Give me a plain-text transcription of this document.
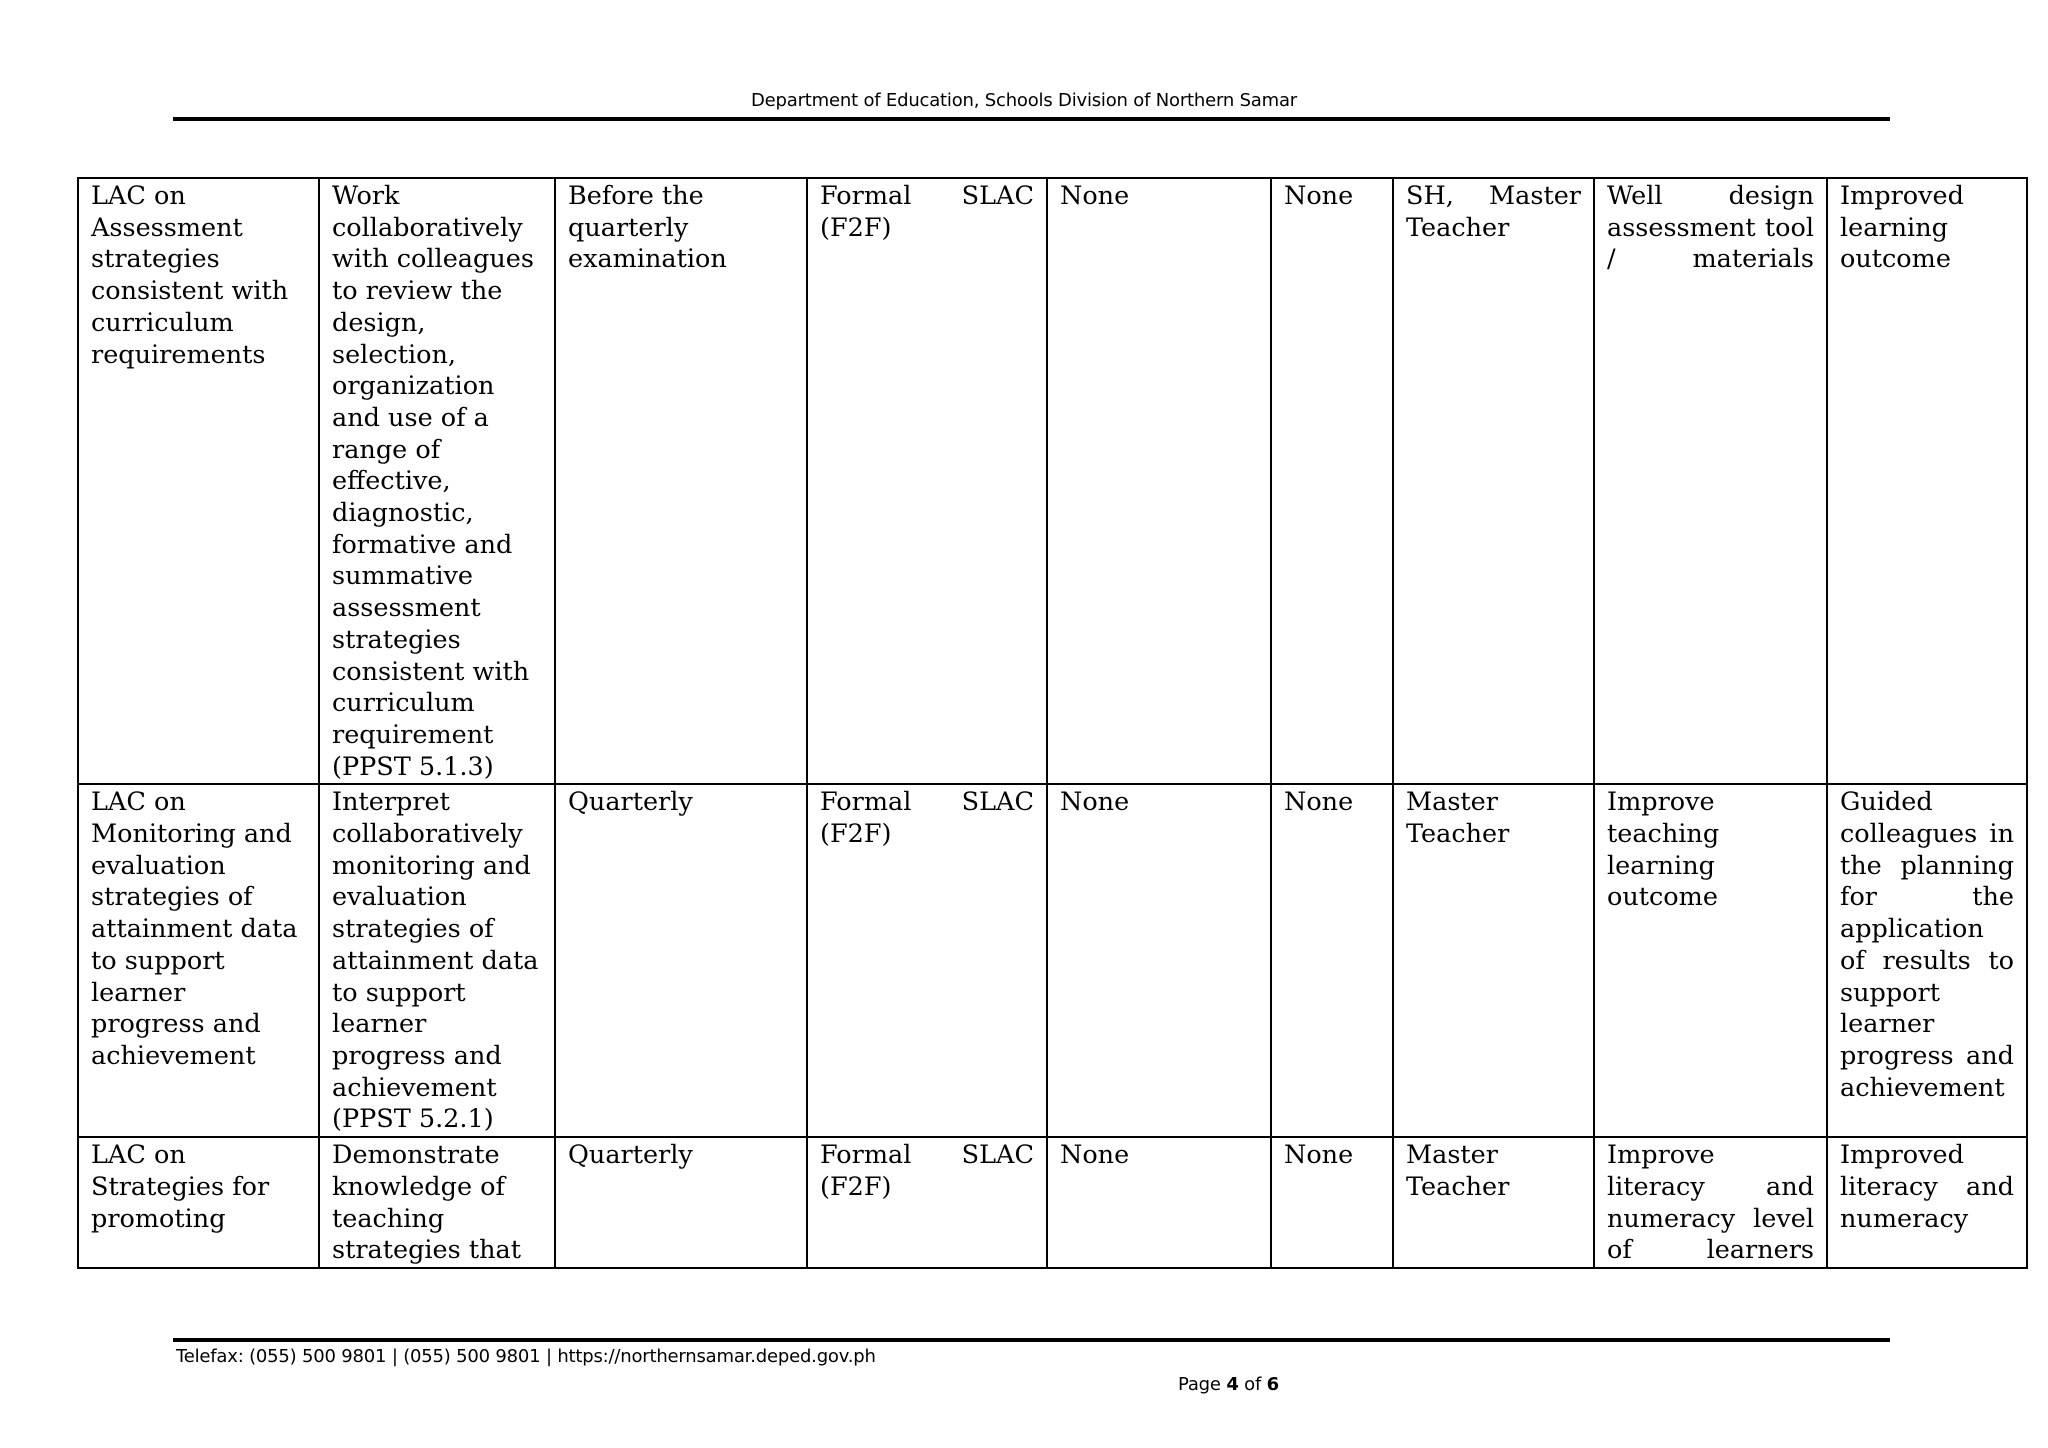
Department of Education, Schools Division of Northern Samar
LAC on Assessment strategies consistent with curriculum requirements	Work collaboratively with colleagues to review the design, selection, organization and use of a range of effective, diagnostic, formative and summative assessment strategies consistent with curriculum requirement (PPST 5.1.3)	Before the quarterly examination	Formal SLAC (F2F)	None	None	SH, Master Teacher	Well design assessment tool / materials	Improved learning outcome
LAC on Monitoring and evaluation strategies of attainment data to support learner progress and achievement	Interpret collaboratively monitoring and evaluation strategies of attainment data to support learner progress and achievement (PPST 5.2.1)	Quarterly	Formal SLAC (F2F)	None	None	Master Teacher	Improve teaching learning outcome	Guided colleagues in the planning for the application of results to support learner progress and achievement
LAC on Strategies for promoting	Demonstrate knowledge of teaching strategies that	Quarterly	Formal SLAC (F2F)	None	None	Master Teacher	Improve literacy and numeracy level of learners	Improved literacy and numeracy
Telefax: (055) 500 9801 | (055) 500 9801 | https://northernsamar.deped.gov.ph
Page 4 of 6
